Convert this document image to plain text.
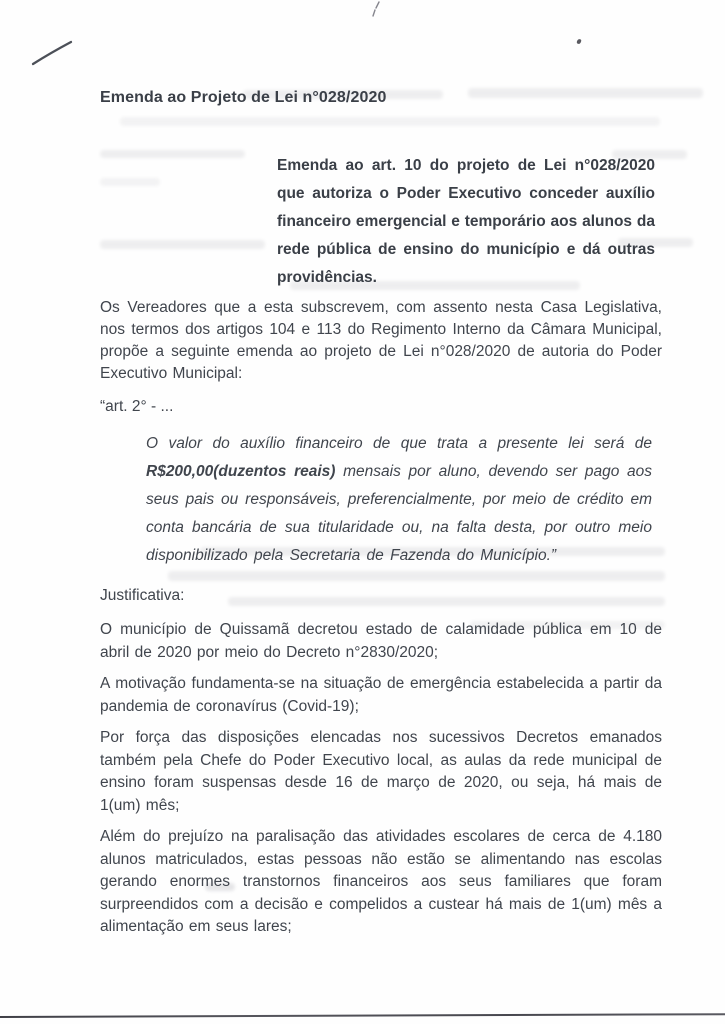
Emenda ao Projeto de Lei n°028/2020

Emenda ao art. 10 do projeto de Lei n°028/2020 que autoriza o Poder Executivo conceder auxílio financeiro emergencial e temporário aos alunos da rede pública de ensino do município e dá outras providências.

Os Vereadores que a esta subscrevem, com assento nesta Casa Legislativa, nos termos dos artigos 104 e 113 do Regimento Interno da Câmara Municipal, propõe a seguinte emenda ao projeto de Lei n°028/2020 de autoria do Poder Executivo Municipal:

“art. 2° - ...

O valor do auxílio financeiro de que trata a presente lei será de R$200,00(duzentos reais) mensais por aluno, devendo ser pago aos seus pais ou responsáveis, preferencialmente, por meio de crédito em conta bancária de sua titularidade ou, na falta desta, por outro meio disponibilizado pela Secretaria de Fazenda do Município.”

Justificativa:

O município de Quissamã decretou estado de calamidade pública em 10 de abril de 2020 por meio do Decreto n°2830/2020;

A motivação fundamenta-se na situação de emergência estabelecida a partir da pandemia de coronavírus (Covid-19);

Por força das disposições elencadas nos sucessivos Decretos emanados também pela Chefe do Poder Executivo local, as aulas da rede municipal de ensino foram suspensas desde 16 de março de 2020, ou seja, há mais de 1(um) mês;

Além do prejuízo na paralisação das atividades escolares de cerca de 4.180 alunos matriculados, estas pessoas não estão se alimentando nas escolas gerando enormes transtornos financeiros aos seus familiares que foram surpreendidos com a decisão e compelidos a custear há mais de 1(um) mês a alimentação em seus lares;
